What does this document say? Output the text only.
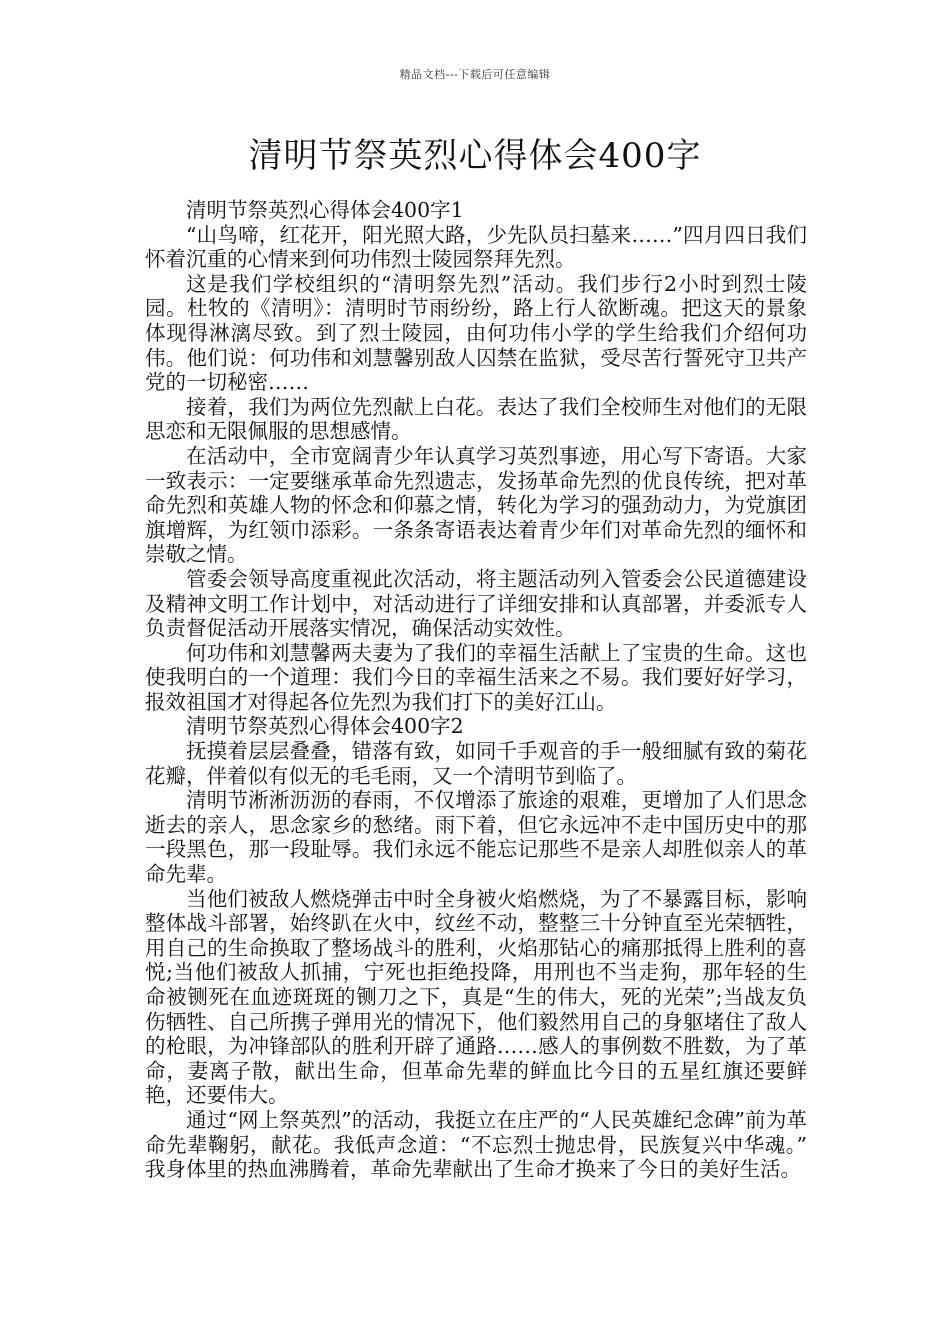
精品文档---下载后可任意编辑
清明节祭英烈心得体会400字

清明节祭英烈心得体会400字1

“山鸟啼，红花开，阳光照大路，少先队员扫墓来……”四月四日我们怀着沉重的心情来到何功伟烈士陵园祭拜先烈。

这是我们学校组织的“清明祭先烈”活动。我们步行2小时到烈士陵园。杜牧的《清明》：清明时节雨纷纷，路上行人欲断魂。把这天的景象体现得淋漓尽致。到了烈士陵园，由何功伟小学的学生给我们介绍何功伟。他们说：何功伟和刘慧馨别敌人囚禁在监狱，受尽苦行誓死守卫共产党的一切秘密……

接着，我们为两位先烈献上白花。表达了我们全校师生对他们的无限思恋和无限佩服的思想感情。

在活动中，全市宽阔青少年认真学习英烈事迹，用心写下寄语。大家一致表示：一定要继承革命先烈遗志，发扬革命先烈的优良传统，把对革命先烈和英雄人物的怀念和仰慕之情，转化为学习的强劲动力，为党旗团旗增辉，为红领巾添彩。一条条寄语表达着青少年们对革命先烈的缅怀和崇敬之情。

管委会领导高度重视此次活动，将主题活动列入管委会公民道德建设及精神文明工作计划中，对活动进行了详细安排和认真部署，并委派专人负责督促活动开展落实情况，确保活动实效性。

何功伟和刘慧馨两夫妻为了我们的幸福生活献上了宝贵的生命。这也使我明白的一个道理：我们今日的幸福生活来之不易。我们要好好学习，报效祖国才对得起各位先烈为我们打下的美好江山。

清明节祭英烈心得体会400字2

抚摸着层层叠叠，错落有致，如同千手观音的手一般细腻有致的菊花花瓣，伴着似有似无的毛毛雨，又一个清明节到临了。

清明节淅淅沥沥的春雨，不仅增添了旅途的艰难，更增加了人们思念逝去的亲人，思念家乡的愁绪。雨下着，但它永远冲不走中国历史中的那一段黑色，那一段耻辱。我们永远不能忘记那些不是亲人却胜似亲人的革命先辈。

当他们被敌人燃烧弹击中时全身被火焰燃烧，为了不暴露目标，影响整体战斗部署，始终趴在火中，纹丝不动，整整三十分钟直至光荣牺牲，用自己的生命换取了整场战斗的胜利，火焰那钻心的痛那抵得上胜利的喜悦;当他们被敌人抓捕，宁死也拒绝投降，用刑也不当走狗，那年轻的生命被铡死在血迹斑斑的铡刀之下，真是“生的伟大，死的光荣”;当战友负伤牺牲、自己所携子弹用光的情况下，他们毅然用自己的身躯堵住了敌人的枪眼，为冲锋部队的胜利开辟了通路……感人的事例数不胜数，为了革命，妻离子散，献出生命，但革命先辈的鲜血比今日的五星红旗还要鲜艳，还要伟大。

通过“网上祭英烈”的活动，我挺立在庄严的“人民英雄纪念碑”前为革命先辈鞠躬，献花。我低声念道：“不忘烈士抛忠骨，民族复兴中华魂。” 我身体里的热血沸腾着，革命先辈献出了生命才换来了今日的美好生活。
